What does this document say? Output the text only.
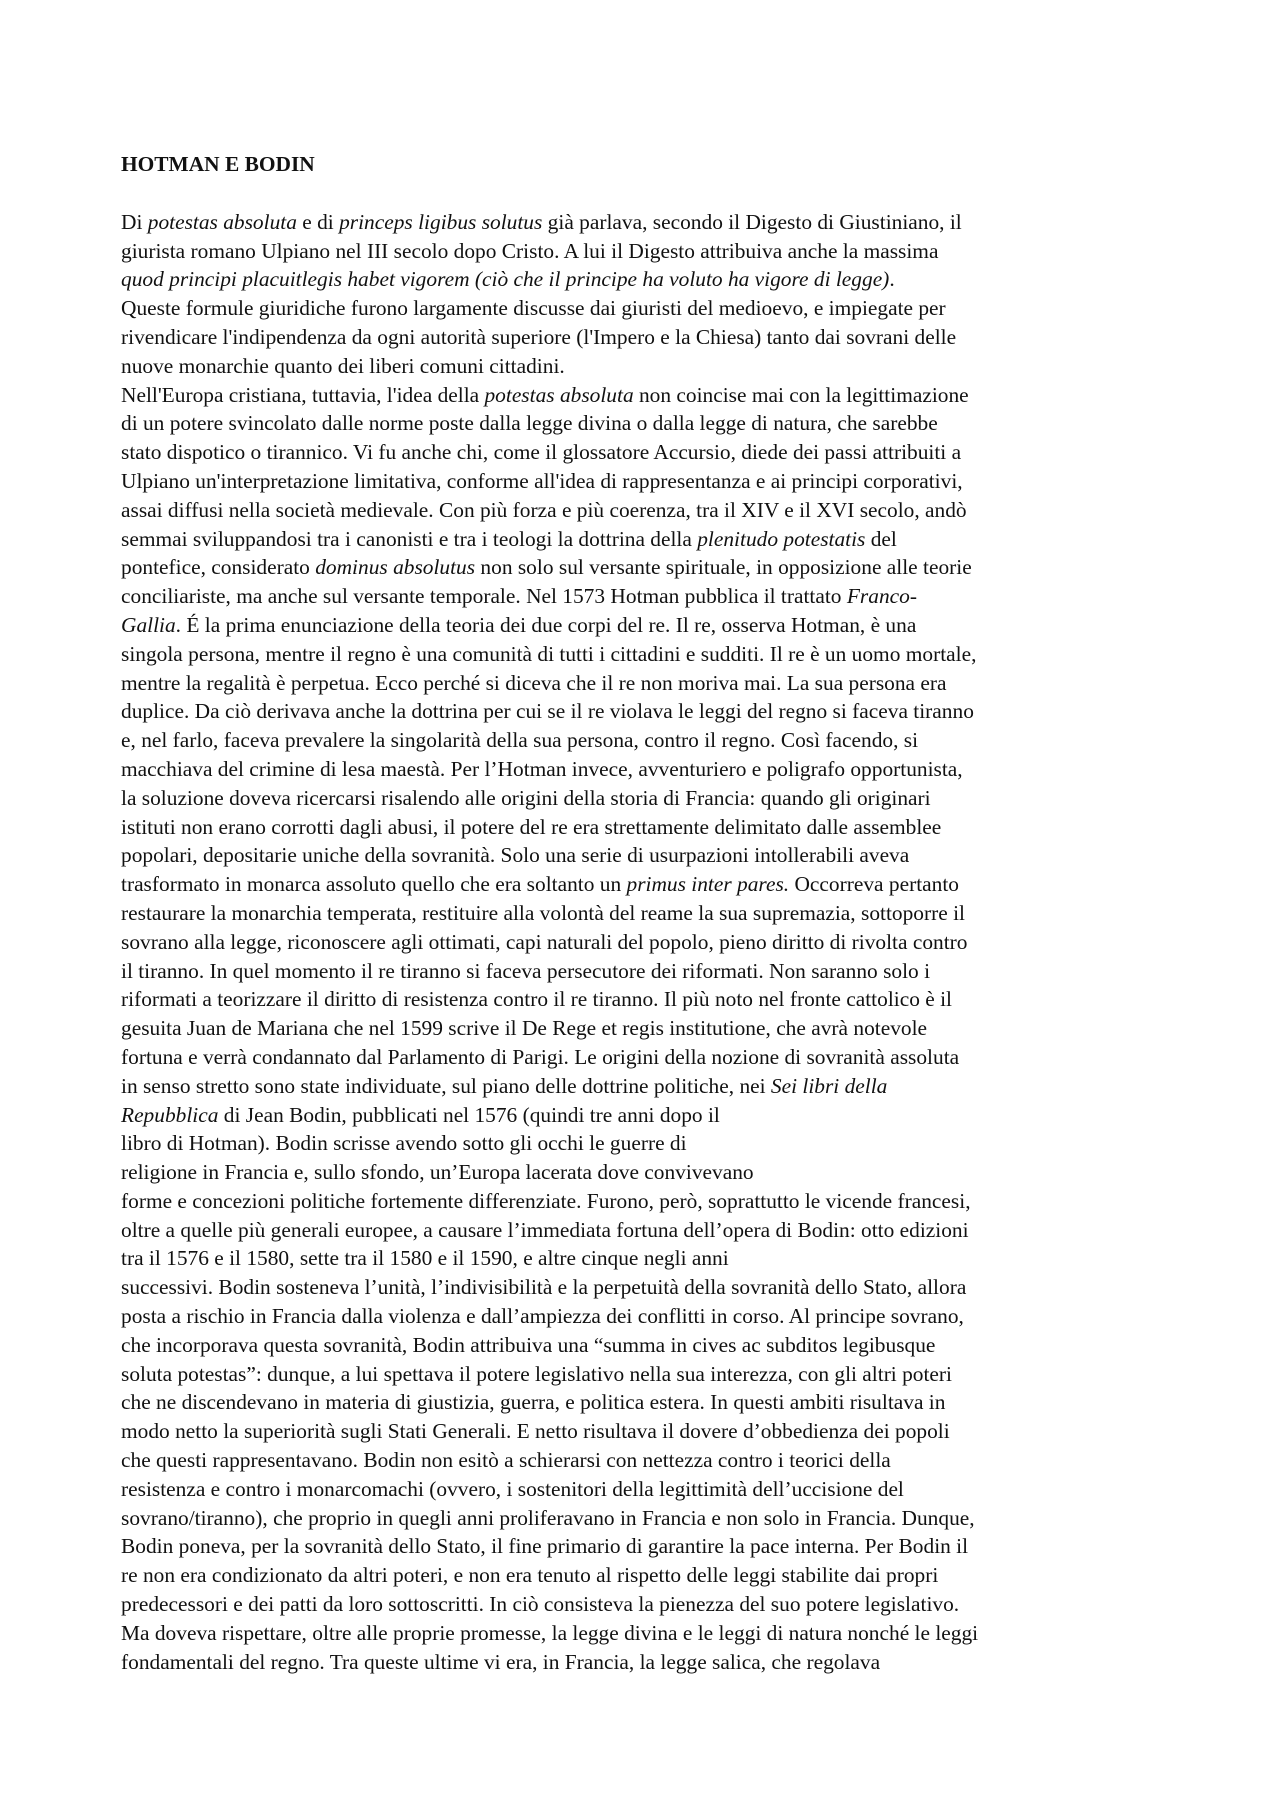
HOTMAN E BODIN
Di potestas absoluta e di princeps ligibus solutus già parlava, secondo il Digesto di Giustiniano, il
giurista romano Ulpiano nel III secolo dopo Cristo. A lui il Digesto attribuiva anche la massima
quod principi placuitlegis habet vigorem (ciò che il principe ha voluto ha vigore di legge).
Queste formule giuridiche furono largamente discusse dai giuristi del medioevo, e impiegate per
rivendicare l'indipendenza da ogni autorità superiore (l'Impero e la Chiesa) tanto dai sovrani delle
nuove monarchie quanto dei liberi comuni cittadini.
Nell'Europa cristiana, tuttavia, l'idea della potestas absoluta non coincise mai con la legittimazione
di un potere svincolato dalle norme poste dalla legge divina o dalla legge di natura, che sarebbe
stato dispotico o tirannico. Vi fu anche chi, come il glossatore Accursio, diede dei passi attribuiti a
Ulpiano un'interpretazione limitativa, conforme all'idea di rappresentanza e ai principi corporativi,
assai diffusi nella società medievale. Con più forza e più coerenza, tra il XIV e il XVI secolo, andò
semmai sviluppandosi tra i canonisti e tra i teologi la dottrina della plenitudo potestatis del
pontefice, considerato dominus absolutus non solo sul versante spirituale, in opposizione alle teorie
conciliariste, ma anche sul versante temporale. Nel 1573 Hotman pubblica il trattato Franco-
Gallia. É la prima enunciazione della teoria dei due corpi del re. Il re, osserva Hotman, è una
singola persona, mentre il regno è una comunità di tutti i cittadini e sudditi. Il re è un uomo mortale,
mentre la regalità è perpetua. Ecco perché si diceva che il re non moriva mai. La sua persona era
duplice. Da ciò derivava anche la dottrina per cui se il re violava le leggi del regno si faceva tiranno
e, nel farlo, faceva prevalere la singolarità della sua persona, contro il regno. Così facendo, si
macchiava del crimine di lesa maestà. Per l’Hotman invece, avventuriero e poligrafo opportunista,
la soluzione doveva ricercarsi risalendo alle origini della storia di Francia: quando gli originari
istituti non erano corrotti dagli abusi, il potere del re era strettamente delimitato dalle assemblee
popolari, depositarie uniche della sovranità. Solo una serie di usurpazioni intollerabili aveva
trasformato in monarca assoluto quello che era soltanto un primus inter pares. Occorreva pertanto
restaurare la monarchia temperata, restituire alla volontà del reame la sua supremazia, sottoporre il
sovrano alla legge, riconoscere agli ottimati, capi naturali del popolo, pieno diritto di rivolta contro
il tiranno. In quel momento il re tiranno si faceva persecutore dei riformati. Non saranno solo i
riformati a teorizzare il diritto di resistenza contro il re tiranno. Il più noto nel fronte cattolico è il
gesuita Juan de Mariana che nel 1599 scrive il De Rege et regis institutione, che avrà notevole
fortuna e verrà condannato dal Parlamento di Parigi. Le origini della nozione di sovranità assoluta
in senso stretto sono state individuate, sul piano delle dottrine politiche, nei Sei libri della
Repubblica di Jean Bodin, pubblicati nel 1576 (quindi tre anni dopo il
libro di Hotman). Bodin scrisse avendo sotto gli occhi le guerre di
religione in Francia e, sullo sfondo, un’Europa lacerata dove convivevano
forme e concezioni politiche fortemente differenziate. Furono, però, soprattutto le vicende francesi,
oltre a quelle più generali europee, a causare l’immediata fortuna dell’opera di Bodin: otto edizioni
tra il 1576 e il 1580, sette tra il 1580 e il 1590, e altre cinque negli anni
successivi. Bodin sosteneva l’unità, l’indivisibilità e la perpetuità della sovranità dello Stato, allora
posta a rischio in Francia dalla violenza e dall’ampiezza dei conflitti in corso. Al principe sovrano,
che incorporava questa sovranità, Bodin attribuiva una “summa in cives ac subditos legibusque
soluta potestas”: dunque, a lui spettava il potere legislativo nella sua interezza, con gli altri poteri
che ne discendevano in materia di giustizia, guerra, e politica estera. In questi ambiti risultava in
modo netto la superiorità sugli Stati Generali. E netto risultava il dovere d’obbedienza dei popoli
che questi rappresentavano. Bodin non esitò a schierarsi con nettezza contro i teorici della
resistenza e contro i monarcomachi (ovvero, i sostenitori della legittimità dell’uccisione del
sovrano/tiranno), che proprio in quegli anni proliferavano in Francia e non solo in Francia. Dunque,
Bodin poneva, per la sovranità dello Stato, il fine primario di garantire la pace interna. Per Bodin il
re non era condizionato da altri poteri, e non era tenuto al rispetto delle leggi stabilite dai propri
predecessori e dei patti da loro sottoscritti. In ciò consisteva la pienezza del suo potere legislativo.
Ma doveva rispettare, oltre alle proprie promesse, la legge divina e le leggi di natura nonché le leggi
fondamentali del regno. Tra queste ultime vi era, in Francia, la legge salica, che regolava
